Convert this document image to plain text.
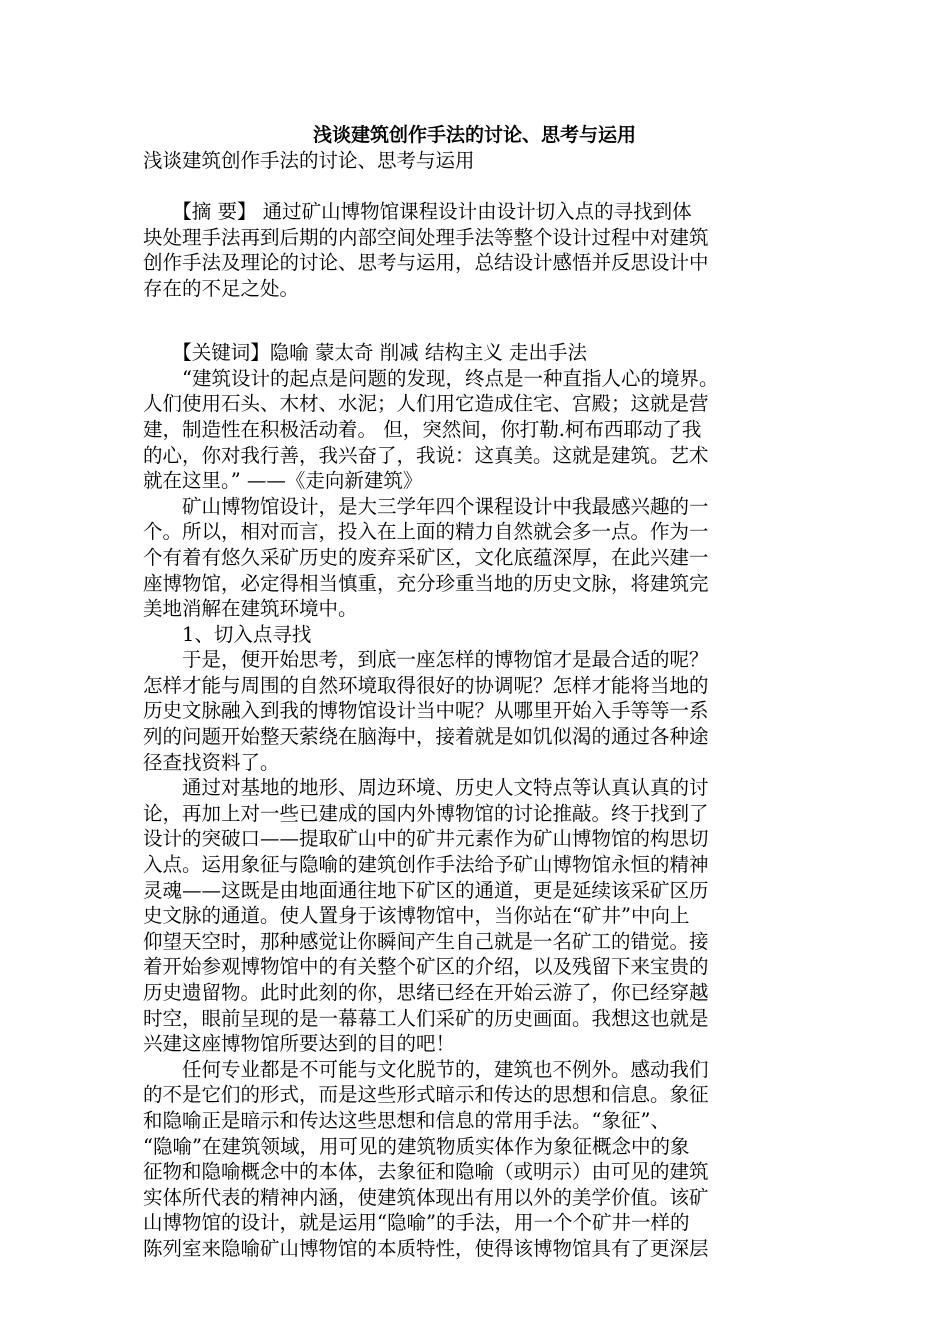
浅谈建筑创作手法的讨论、思考与运用
浅谈建筑创作手法的讨论、思考与运用
　　【摘 要】 通过矿山博物馆课程设计由设计切入点的寻找到体
块处理手法再到后期的内部空间处理手法等整个设计过程中对建筑
创作手法及理论的讨论、思考与运用，总结设计感悟并反思设计中
存在的不足之处。
　　【关键词】隐喻 蒙太奇 削减 结构主义 走出手法
　　“建筑设计的起点是问题的发现，终点是一种直指人心的境界。
人们使用石头、木材、水泥；人们用它造成住宅、宫殿；这就是营
建，制造性在积极活动着。 但，突然间，你打勒.柯布西耶动了我
的心，你对我行善，我兴奋了，我说：这真美。这就是建筑。艺术
就在这里。” ——《走向新建筑》
　　矿山博物馆设计，是大三学年四个课程设计中我最感兴趣的一
个。所以，相对而言，投入在上面的精力自然就会多一点。作为一
个有着有悠久采矿历史的废弃采矿区，文化底蕴深厚，在此兴建一
座博物馆，必定得相当慎重，充分珍重当地的历史文脉，将建筑完
美地消解在建筑环境中。
　　1、切入点寻找
　　于是，便开始思考，到底一座怎样的博物馆才是最合适的呢？
怎样才能与周围的自然环境取得很好的协调呢？怎样才能将当地的
历史文脉融入到我的博物馆设计当中呢？从哪里开始入手等等一系
列的问题开始整天萦绕在脑海中，接着就是如饥似渴的通过各种途
径查找资料了。
　　通过对基地的地形、周边环境、历史人文特点等认真认真的讨
论，再加上对一些已建成的国内外博物馆的讨论推敲。终于找到了
设计的突破口——提取矿山中的矿井元素作为矿山博物馆的构思切
入点。运用象征与隐喻的建筑创作手法给予矿山博物馆永恒的精神
灵魂——这既是由地面通往地下矿区的通道，更是延续该采矿区历
史文脉的通道。使人置身于该博物馆中，当你站在“矿井”中向上
仰望天空时，那种感觉让你瞬间产生自己就是一名矿工的错觉。接
着开始参观博物馆中的有关整个矿区的介绍，以及残留下来宝贵的
历史遗留物。此时此刻的你，思绪已经在开始云游了，你已经穿越
时空，眼前呈现的是一幕幕工人们采矿的历史画面。我想这也就是
兴建这座博物馆所要达到的目的吧！
　　任何专业都是不可能与文化脱节的，建筑也不例外。感动我们
的不是它们的形式，而是这些形式暗示和传达的思想和信息。象征
和隐喻正是暗示和传达这些思想和信息的常用手法。“象征”、
“隐喻”在建筑领域，用可见的建筑物质实体作为象征概念中的象
征物和隐喻概念中的本体，去象征和隐喻（或明示）由可见的建筑
实体所代表的精神内涵，使建筑体现出有用以外的美学价值。该矿
山博物馆的设计，就是运用“隐喻”的手法，用一个个矿井一样的
陈列室来隐喻矿山博物馆的本质特性，使得该博物馆具有了更深层
